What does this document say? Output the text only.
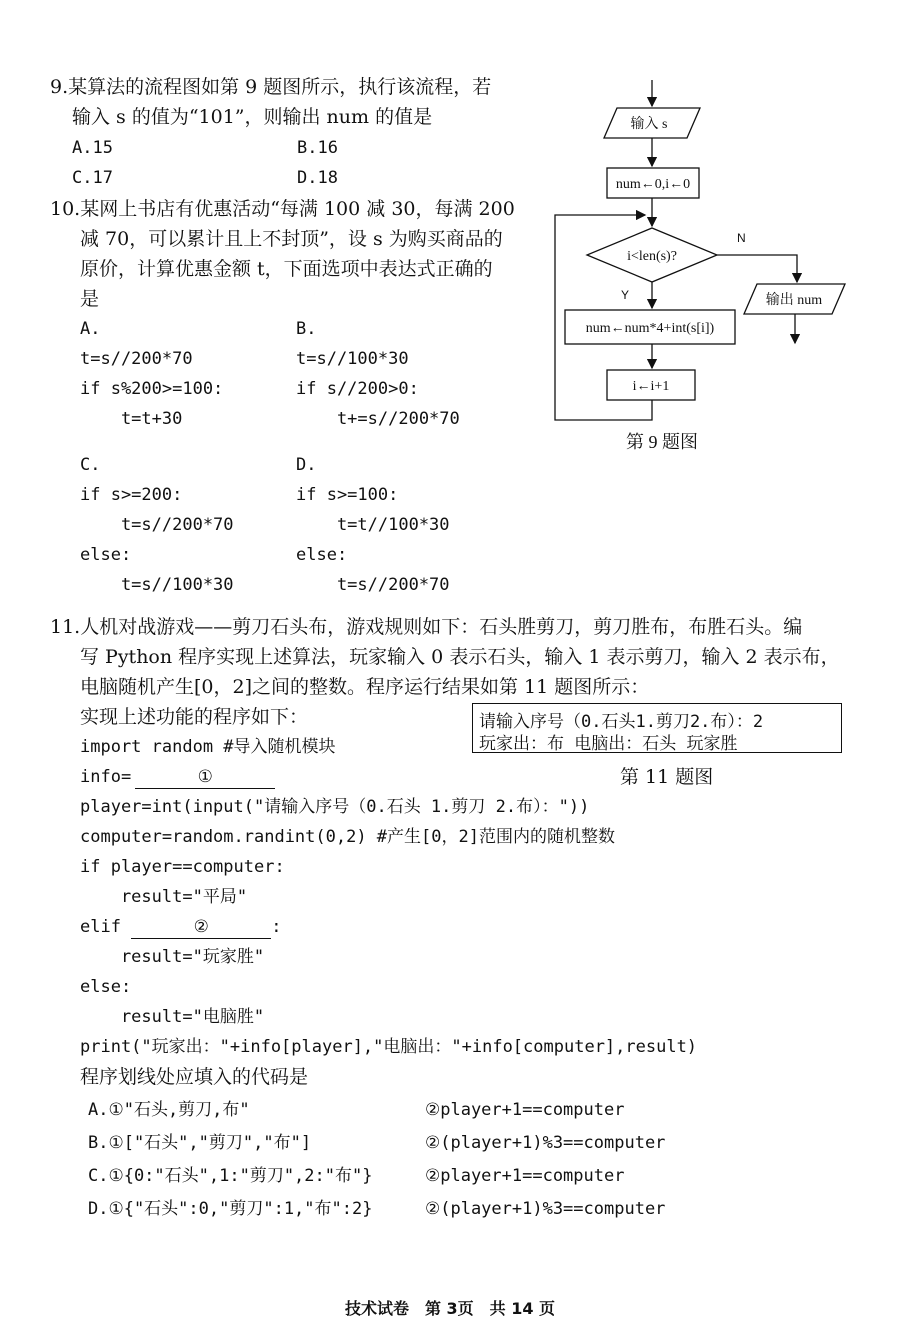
9.某算法的流程图如第 9 题图所示，执行该流程，若
输入 s 的值为“101”，则输出 num 的值是
A.15	B.16
C.17	D.18
输入 s
num←0,i←0
i<len(s)?
N
输出 num
Y
num←num*4+int(s[i])
i←i+1
第 9 题图
10.某网上书店有优惠活动“每满 100 减 30，每满 200
减 70，可以累计且上不封顶”，设 s 为购买商品的
原价，计算优惠金额 t，下面选项中表达式正确的
是
A.
t=s//200*70
if s%200>=100:
t=t+30
B.
t=s//100*30
if s//200>0:
t+=s//200*70
C.
if s>=200:
t=s//200*70
else:
t=s//100*30
D.
if s>=100:
t=t//100*30
else:
t=s//200*70
11.人机对战游戏——剪刀石头布，游戏规则如下：石头胜剪刀，剪刀胜布，布胜石头。编
写 Python 程序实现上述算法，玩家输入 0 表示石头，输入 1 表示剪刀，输入 2 表示布，
电脑随机产生[0，2]之间的整数。程序运行结果如第 11 题图所示：
实现上述功能的程序如下：	请输入序号（0.石头1.剪刀2.布）：2
玩家出：布 电脑出：石头 玩家胜
第 11 题图
import random #导入随机模块
info=	①
player=int(input("请输入序号（0.石头 1.剪刀 2.布）："))
computer=random.randint(0,2) #产生[0，2]范围内的随机整数
if player==computer:
result="平局"
elif	②	:
result="玩家胜"
else:
result="电脑胜"
print("玩家出："+info[player],"电脑出："+info[computer],result)
程序划线处应填入的代码是
A.①"石头,剪刀,布"	②player+1==computer
B.①["石头","剪刀","布"]	②(player+1)%3==computer
C.①{0:"石头",1:"剪刀",2:"布"}	②player+1==computer
D.①{"石头":0,"剪刀":1,"布":2}	②(player+1)%3==computer
技术试卷　第 3页　共 14 页
